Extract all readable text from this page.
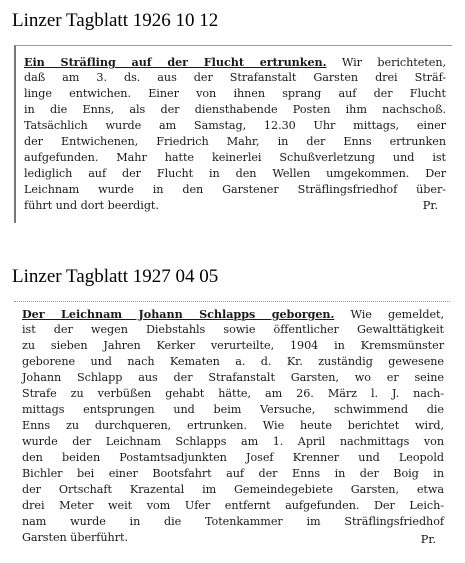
Linzer Tagblatt 1926 10 12
Ein Sträfling auf der Flucht ertrunken. Wir berichteten,
daß am 3. ds. aus der Strafanstalt Garsten drei Sträf-
linge entwichen. Einer von ihnen sprang auf der Flucht
in die Enns, als der diensthabende Posten ihm nachschoß.
Tatsächlich wurde am Samstag, 12.30 Uhr mittags, einer
der Entwichenen, Friedrich Mahr, in der Enns ertrunken
aufgefunden. Mahr hatte keinerlei Schußverletzung und ist
lediglich auf der Flucht in den Wellen umgekommen. Der
Leichnam wurde in den Garstener Sträflingsfriedhof über-
führt und dort beerdigt.	Pr.
Linzer Tagblatt 1927 04 05
Der Leichnam Johann Schlapps geborgen. Wie gemeldet,
ist der wegen Diebstahls sowie öffentlicher Gewalttätigkeit
zu sieben Jahren Kerker verurteilte, 1904 in Kremsmünster
geborene und nach Kematen a. d. Kr. zuständig gewesene
Johann Schlapp aus der Strafanstalt Garsten, wo er seine
Strafe zu verbüßen gehabt hätte, am 26. März l. J. nach-
mittags entsprungen und beim Versuche, schwimmend die
Enns zu durchqueren, ertrunken. Wie heute berichtet wird,
wurde der Leichnam Schlapps am 1. April nachmittags von
den beiden Postamtsadjunkten Josef Krenner und Leopold
Bichler bei einer Bootsfahrt auf der Enns in der Boig in
der Ortschaft Krazental im Gemeindegebiete Garsten, etwa
drei Meter weit vom Ufer entfernt aufgefunden. Der Leich-
nam wurde in die Totenkammer im Sträflingsfriedhof
Garsten überführt.	Pr.
